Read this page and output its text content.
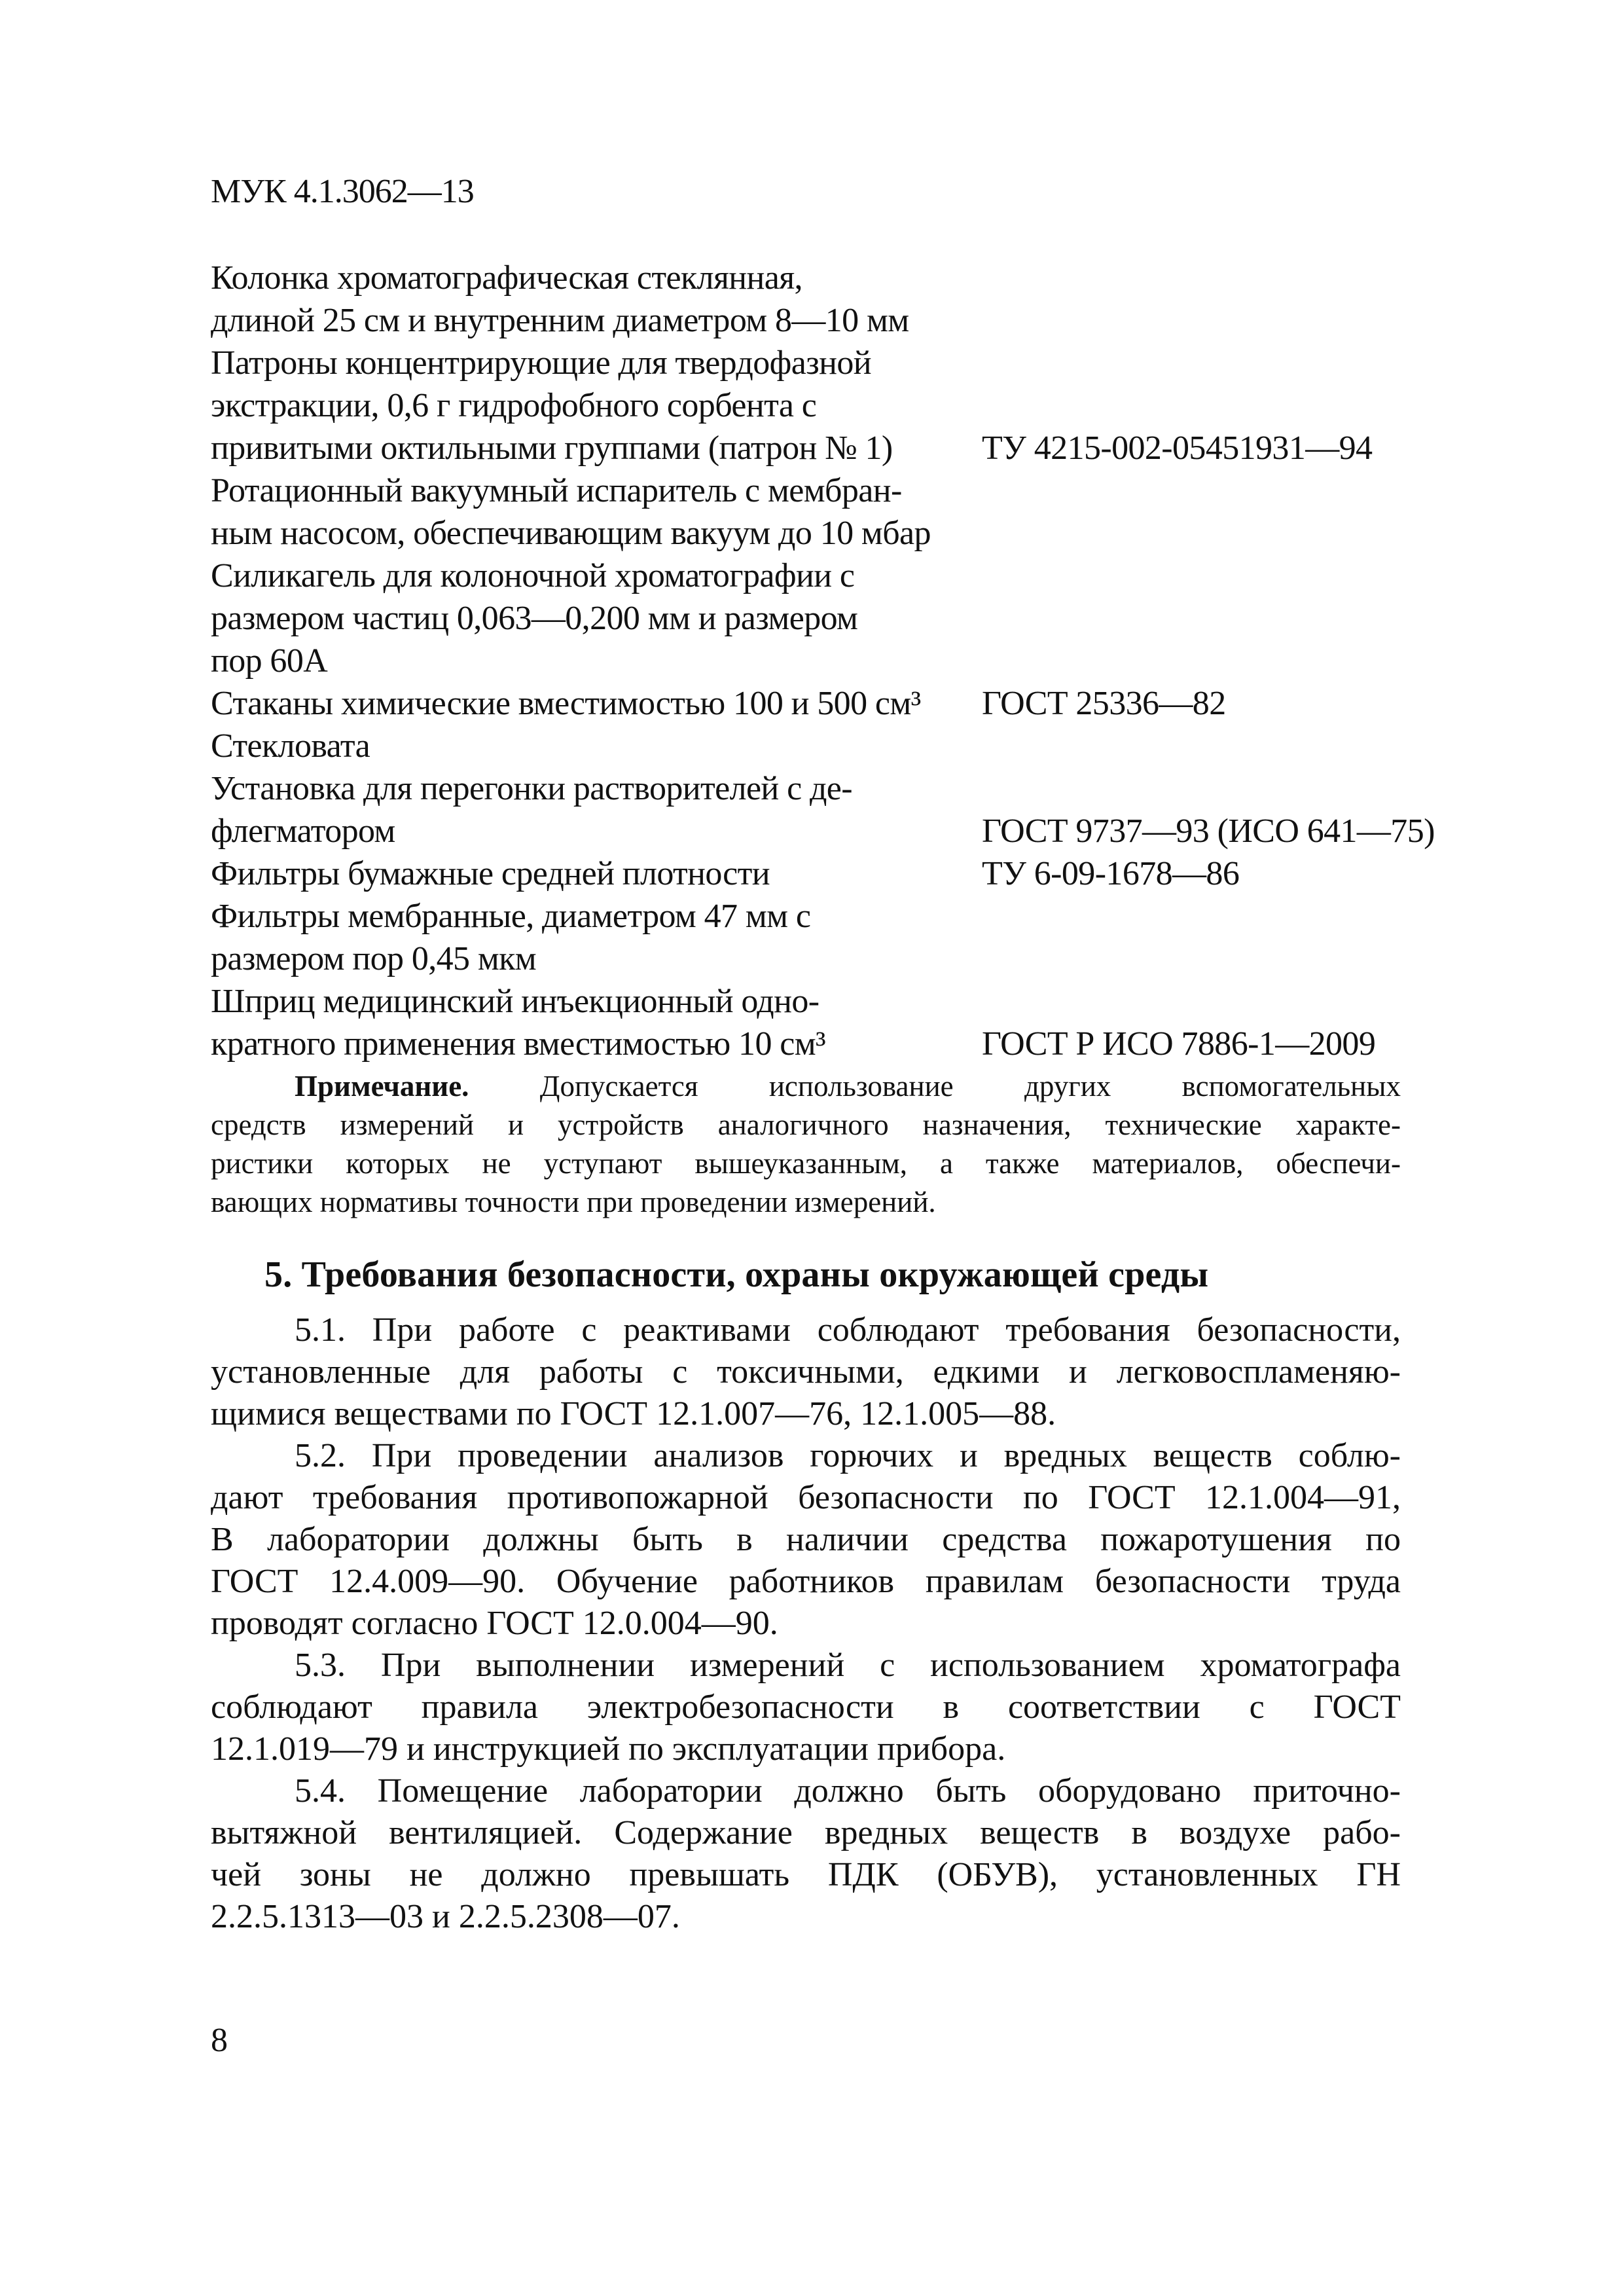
МУК 4.1.3062—13
Колонка хроматографическая стеклянная,
длиной 25 см и внутренним диаметром 8—10 мм
Патроны концентрирующие для твердофазной
экстракции, 0,6 г гидрофобного сорбента с
привитыми октильными группами (патрон № 1)	ТУ 4215-002-05451931—94
Ротационный вакуумный испаритель с мембран-
ным насосом, обеспечивающим вакуум до 10 мбар
Силикагель для колоночной хроматографии с
размером частиц 0,063—0,200 мм и размером
пор 60А
Стаканы химические вместимостью 100 и 500 см³	ГОСТ 25336—82
Стекловата
Установка для перегонки растворителей с де-
флегматором	ГОСТ 9737—93 (ИСО 641—75)
Фильтры бумажные средней плотности	ТУ 6-09-1678—86
Фильтры мембранные, диаметром 47 мм с
размером пор 0,45 мкм
Шприц медицинский инъекционный одно-
кратного применения вместимостью 10 см³	ГОСТ Р ИСО 7886-1—2009
Примечание. Допускается использование других вспомогательных
средств измерений и устройств аналогичного назначения, технические характе-
ристики которых не уступают вышеуказанным, а также материалов, обеспечи-
вающих нормативы точности при проведении измерений.
5. Требования безопасности, охраны окружающей среды
5.1. При работе с реактивами соблюдают требования безопасности,
установленные для работы с токсичными, едкими и легковоспламеняю-
щимися веществами по ГОСТ 12.1.007—76, 12.1.005—88.
5.2. При проведении анализов горючих и вредных веществ соблю-
дают требования противопожарной безопасности по ГОСТ 12.1.004—91,
В лаборатории должны быть в наличии средства пожаротушения по
ГОСТ 12.4.009—90. Обучение работников правилам безопасности труда
проводят согласно ГОСТ 12.0.004—90.
5.3. При выполнении измерений с использованием хроматографа
соблюдают правила электробезопасности в соответствии с ГОСТ
12.1.019—79 и инструкцией по эксплуатации прибора.
5.4. Помещение лаборатории должно быть оборудовано приточно-
вытяжной вентиляцией. Содержание вредных веществ в воздухе рабо-
чей зоны не должно превышать ПДК (ОБУВ), установленных ГН
2.2.5.1313—03 и 2.2.5.2308—07.
8
